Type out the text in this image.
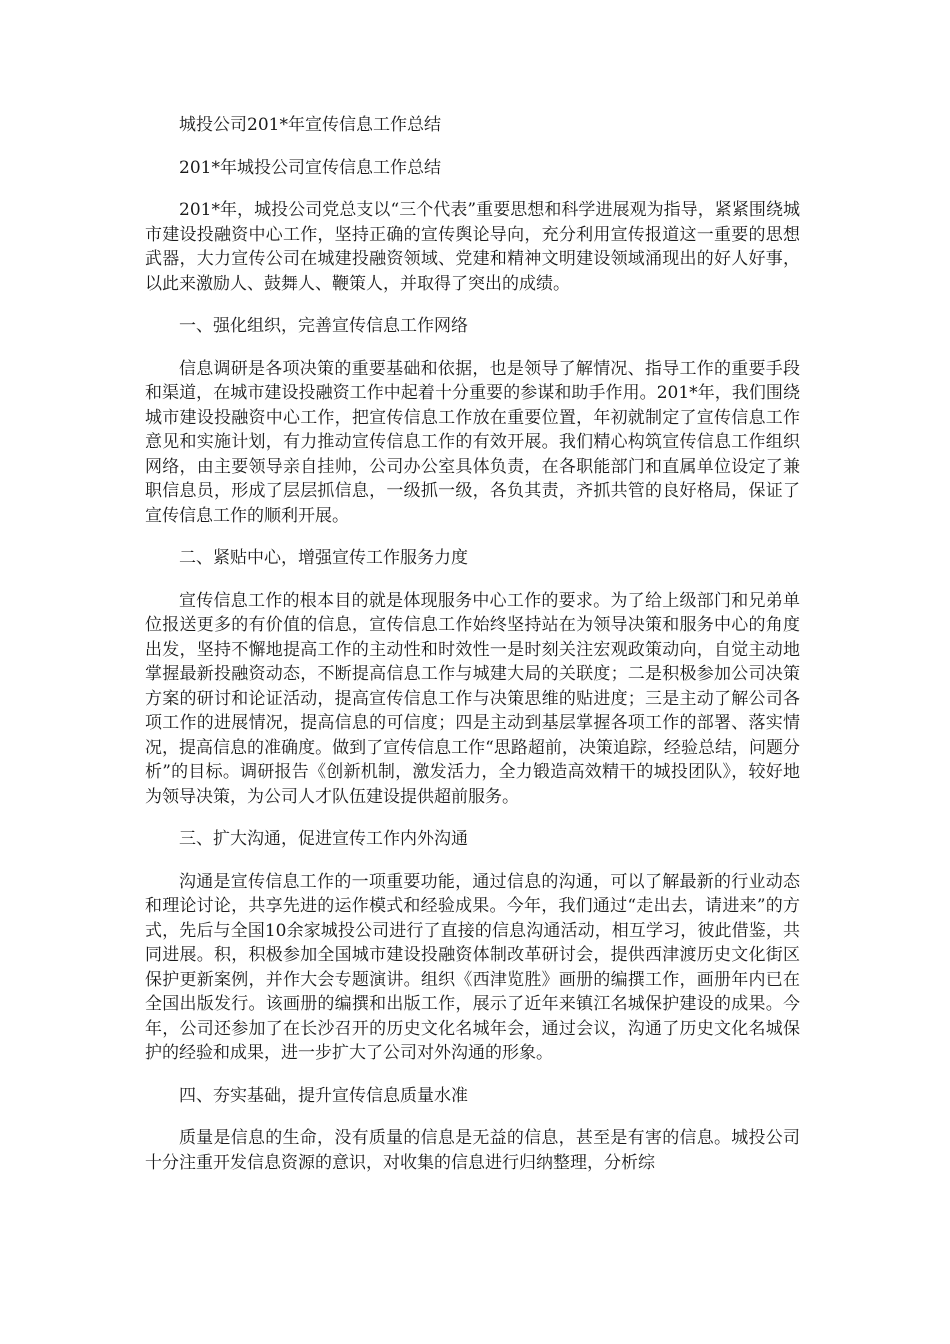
城投公司201*年宣传信息工作总结

201*年城投公司宣传信息工作总结

201*年，城投公司党总支以“三个代表”重要思想和科学进展观为指导，紧紧围绕城市建设投融资中心工作，坚持正确的宣传舆论导向，充分利用宣传报道这一重要的思想武器，大力宣传公司在城建投融资领域、党建和精神文明建设领域涌现出的好人好事，以此来激励人、鼓舞人、鞭策人，并取得了突出的成绩。

一、强化组织，完善宣传信息工作网络

信息调研是各项决策的重要基础和依据，也是领导了解情况、指导工作的重要手段和渠道，在城市建设投融资工作中起着十分重要的参谋和助手作用。201*年，我们围绕城市建设投融资中心工作，把宣传信息工作放在重要位置，年初就制定了宣传信息工作意见和实施计划，有力推动宣传信息工作的有效开展。我们精心构筑宣传信息工作组织网络，由主要领导亲自挂帅，公司办公室具体负责，在各职能部门和直属单位设定了兼职信息员，形成了层层抓信息，一级抓一级，各负其责，齐抓共管的良好格局，保证了宣传信息工作的顺利开展。

二、紧贴中心，增强宣传工作服务力度

宣传信息工作的根本目的就是体现服务中心工作的要求。为了给上级部门和兄弟单位报送更多的有价值的信息，宣传信息工作始终坚持站在为领导决策和服务中心的角度出发，坚持不懈地提高工作的主动性和时效性一是时刻关注宏观政策动向，自觉主动地掌握最新投融资动态，不断提高信息工作与城建大局的关联度；二是积极参加公司决策方案的研讨和论证活动，提高宣传信息工作与决策思维的贴进度；三是主动了解公司各项工作的进展情况，提高信息的可信度；四是主动到基层掌握各项工作的部署、落实情况，提高信息的准确度。做到了宣传信息工作“思路超前，决策追踪，经验总结，问题分析”的目标。调研报告《创新机制，激发活力，全力锻造高效精干的城投团队》，较好地为领导决策，为公司人才队伍建设提供超前服务。

三、扩大沟通，促进宣传工作内外沟通

沟通是宣传信息工作的一项重要功能，通过信息的沟通，可以了解最新的行业动态和理论讨论，共享先进的运作模式和经验成果。今年，我们通过“走出去，请进来”的方式，先后与全国10余家城投公司进行了直接的信息沟通活动，相互学习，彼此借鉴，共同进展。积，积极参加全国城市建设投融资体制改革研讨会，提供西津渡历史文化街区保护更新案例，并作大会专题演讲。组织《西津览胜》画册的编撰工作，画册年内已在全国出版发行。该画册的编撰和出版工作，展示了近年来镇江名城保护建设的成果。今年，公司还参加了在长沙召开的历史文化名城年会，通过会议，沟通了历史文化名城保护的经验和成果，进一步扩大了公司对外沟通的形象。

四、夯实基础，提升宣传信息质量水准

质量是信息的生命，没有质量的信息是无益的信息，甚至是有害的信息。城投公司十分注重开发信息资源的意识，对收集的信息进行归纳整理，分析综
